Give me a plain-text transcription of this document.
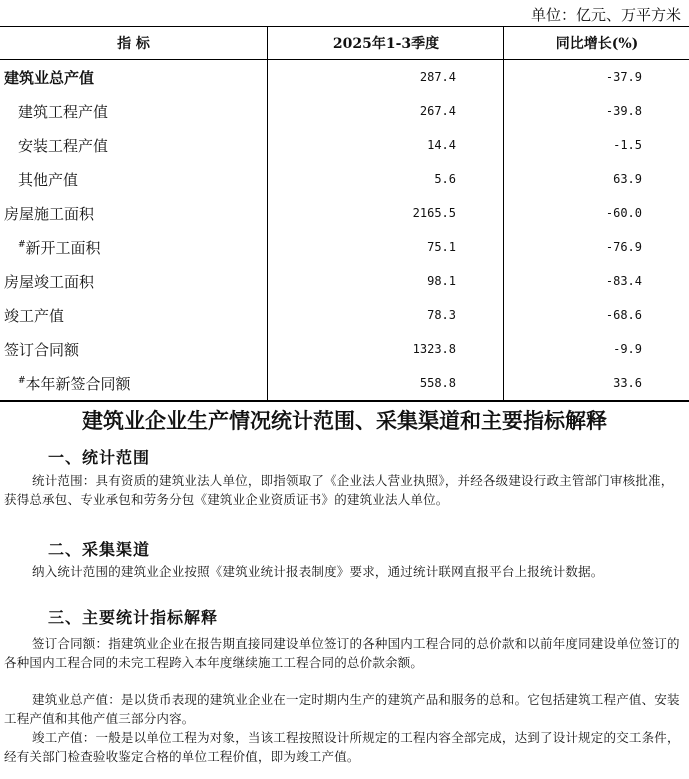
单位：亿元、万平方米
指 标	2025年1-3季度	同比增长(%)
建筑业总产值	287.4	-37.9
建筑工程产值	267.4	-39.8
安装工程产值	14.4	-1.5
其他产值	5.6	63.9
房屋施工面积	2165.5	-60.0
#新开工面积	75.1	-76.9
房屋竣工面积	98.1	-83.4
竣工产值	78.3	-68.6
签订合同额	1323.8	-9.9
#本年新签合同额	558.8	33.6
建筑业企业生产情况统计范围、采集渠道和主要指标解释
一、统计范围
统计范围：具有资质的建筑业法人单位，即指领取了《企业法人营业执照》，并经各级建设行政主管部门审核批准，获得总承包、专业承包和劳务分包《建筑业企业资质证书》的建筑业法人单位。
二、采集渠道
纳入统计范围的建筑业企业按照《建筑业统计报表制度》要求，通过统计联网直报平台上报统计数据。
三、主要统计指标解释
签订合同额：指建筑业企业在报告期直接同建设单位签订的各种国内工程合同的总价款和以前年度同建设单位签订的各种国内工程合同的未完工程跨入本年度继续施工工程合同的总价款余额。
建筑业总产值：是以货币表现的建筑业企业在一定时期内生产的建筑产品和服务的总和。它包括建筑工程产值、安装工程产值和其他产值三部分内容。
竣工产值：一般是以单位工程为对象，当该工程按照设计所规定的工程内容全部完成，达到了设计规定的交工条件，经有关部门检查验收鉴定合格的单位工程价值，即为竣工产值。
